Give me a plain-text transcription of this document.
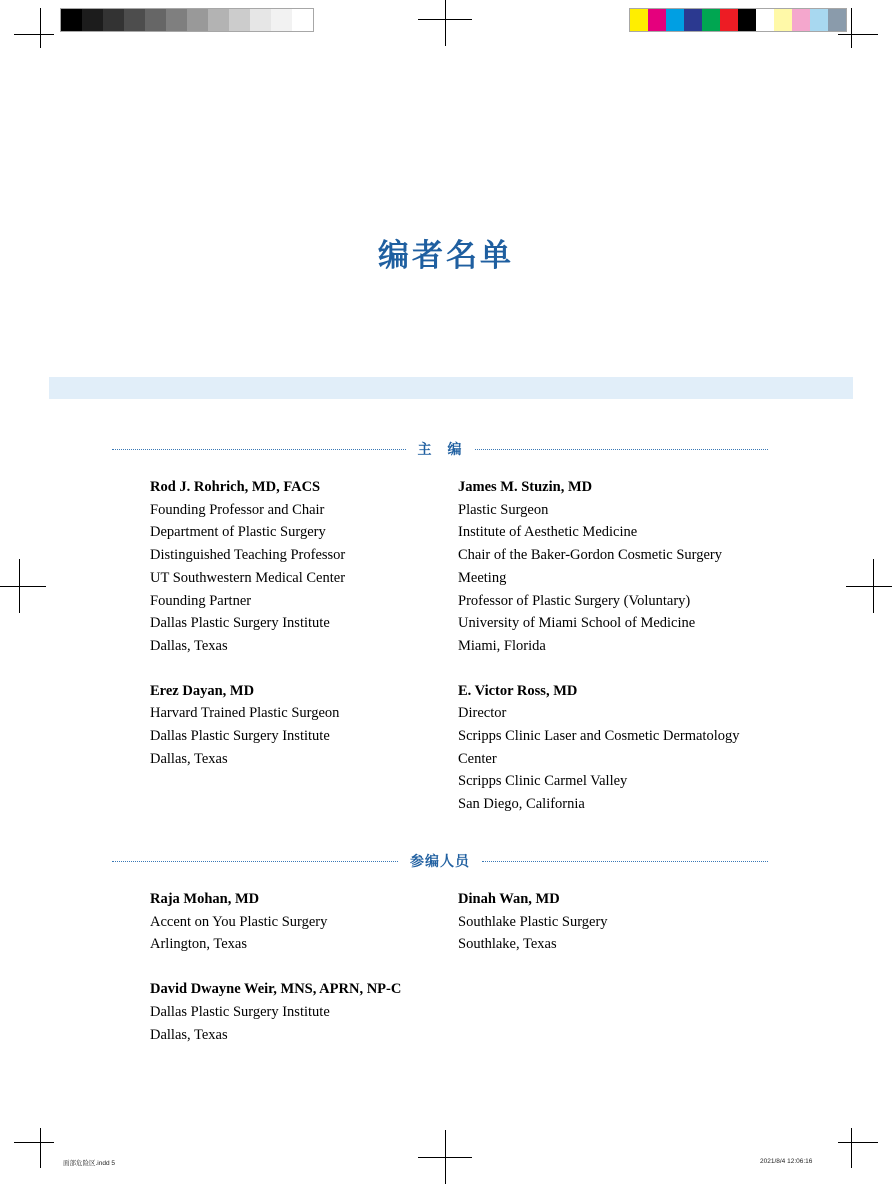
编者名单
主　编
Rod J. Rohrich, MD, FACS
Founding Professor and Chair
Department of Plastic Surgery
Distinguished Teaching Professor
UT Southwestern Medical Center
Founding Partner
Dallas Plastic Surgery Institute
Dallas, Texas
Erez Dayan, MD
Harvard Trained Plastic Surgeon
Dallas Plastic Surgery Institute
Dallas, Texas
James M. Stuzin, MD
Plastic Surgeon
Institute of Aesthetic Medicine
Chair of the Baker-Gordon Cosmetic Surgery
Meeting
Professor of Plastic Surgery (Voluntary)
University of Miami School of Medicine
Miami, Florida
E. Victor Ross, MD
Director
Scripps Clinic Laser and Cosmetic Dermatology
Center
Scripps Clinic Carmel Valley
San Diego, California
参编人员
Raja Mohan, MD
Accent on You Plastic Surgery
Arlington, Texas
David Dwayne Weir, MNS, APRN, NP-C
Dallas Plastic Surgery Institute
Dallas, Texas
Dinah Wan, MD
Southlake Plastic Surgery
Southlake, Texas
面部危险区.indd 5	2021/8/4 12:06:16
